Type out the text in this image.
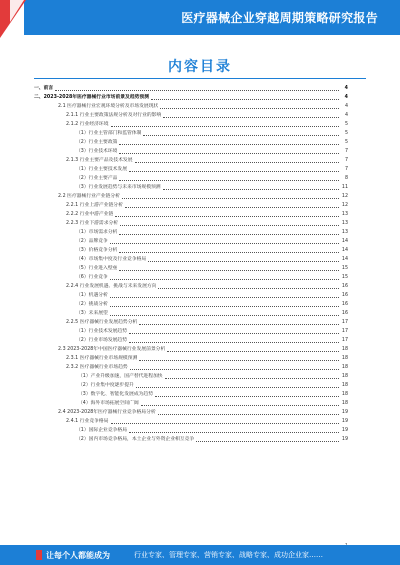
医疗器械企业穿越周期策略研究报告
内容目录
一、前言	4
二、2023-2028年医疗器械行业市场前景及趋势预测	4
2.1 医疗器械行业宏观环境分析及市场发展现状	4
2.1.1 行业主要政策法规分析及对行业的影响	4
2.1.2 行业经济环境	5
（1）行业主管部门和监管体制	5
（2）行业主要政策	5
（3）行业技术环境	7
2.1.3 行业主要产品及技术发展	7
（1）行业主要技术发展	7
（2）行业主要产品	8
（3）行业发展趋势与未来市场规模预测	11
2.2 医疗器械行业产业链分析	12
2.2.1 行业上游产业链分析	12
2.2.2 行业中游产业链	13
2.2.3 行业下游需求分析	13
（1）市场需求分析	13
（2）品牌竞争	14
（3）价格竞争分析	14
（4）市场集中度及行业竞争格局	14
（5）行业进入壁垒	15
（6）行业竞争	15
2.2.4 行业发展机遇、挑战与未来发展方向	16
（1）机遇分析	16
（2）挑战分析	16
（3）未来展望	16
2.2.5 医疗器械行业发展趋势分析	17
（1）行业技术发展趋势	17
（2）行业市场发展趋势	17
2.3 2023-2028年中国医疗器械行业发展前景分析	18
2.3.1 医疗器械行业市场规模预测	18
2.3.2 医疗器械行业市场趋势	18
（1）产业升级加速，国产替代进程加快	18
（2）行业集中度逐步提升	18
（3）数字化、智能化发展成为趋势	18
（4）海外市场拓展空间广阔	18
2.4 2023-2028年医疗器械行业竞争格局分析	19
2.4.1 行业竞争格局	19
（1）国际企业竞争格局	19
（2）国内市场竞争格局，本土企业与外资企业相互竞争	19
让每个人都能成为	行业专家、管理专家、营销专家、战略专家、成功企业家……
